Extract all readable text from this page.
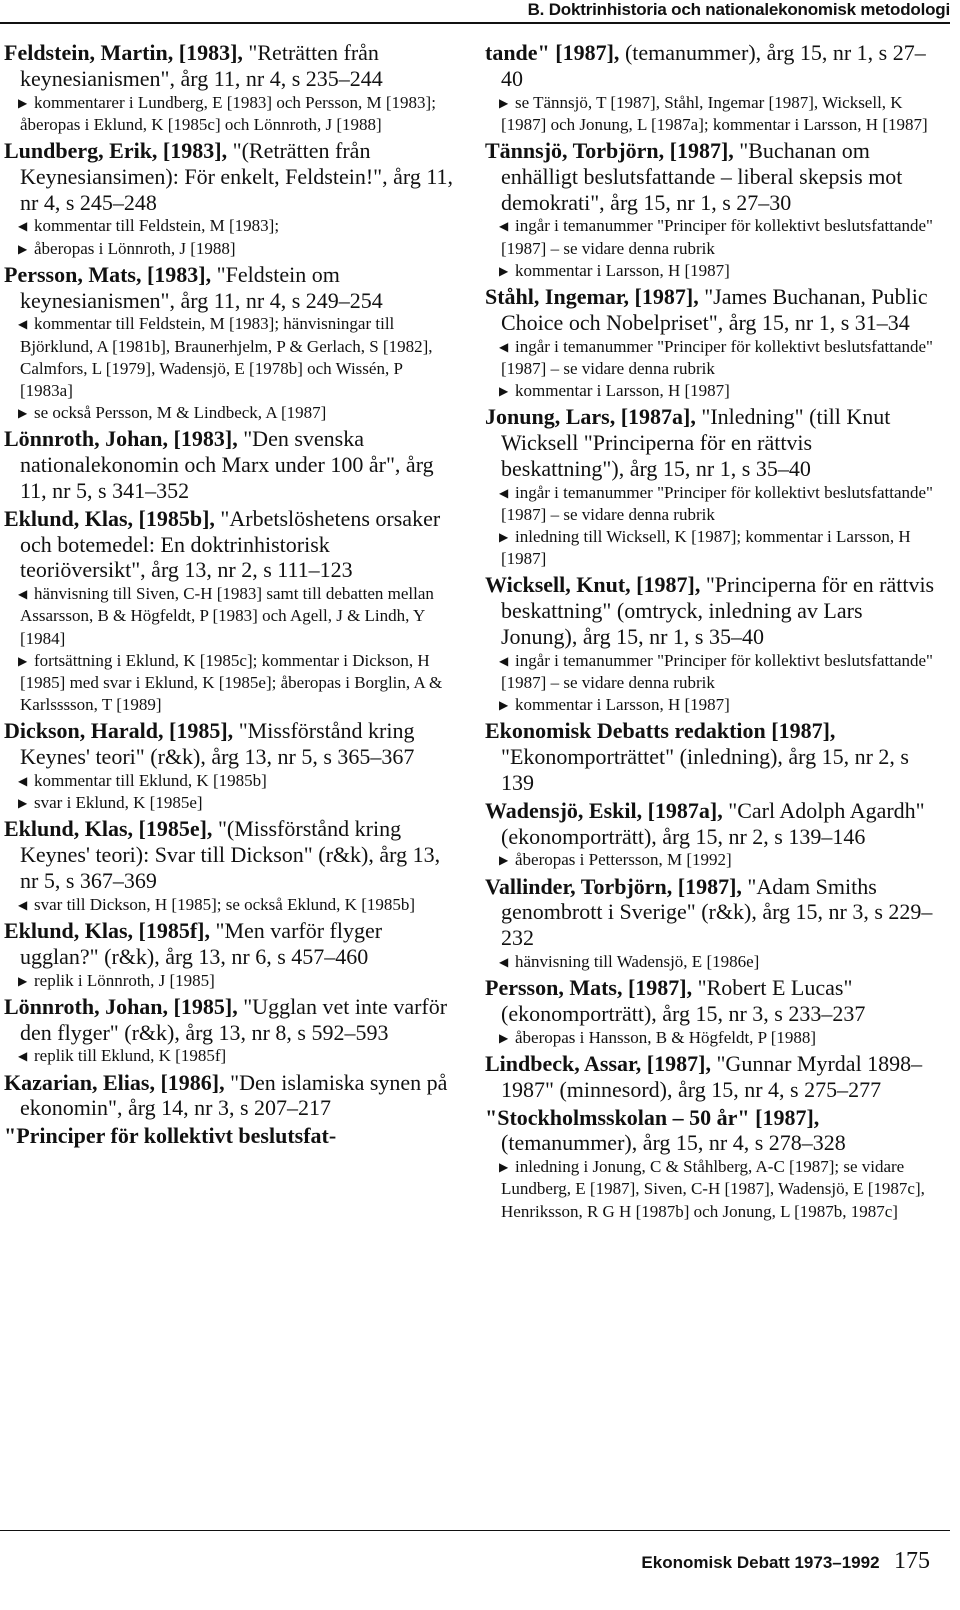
B. Doktrinhistoria och nationalekonomisk metodologi
Feldstein, Martin, [1983], "Reträtten från keynesianismen", årg 11, nr 4, s 235–244
▶ kommentarer i Lundberg, E [1983] och Persson, M [1983]; åberopas i Eklund, K [1985c] och Lönnroth, J [1988]
Lundberg, Erik, [1983], "(Reträtten från Keynesiansimen): För enkelt, Feldstein!", årg 11, nr 4, s 245–248
◀ kommentar till Feldstein, M [1983];
▶ åberopas i Lönnroth, J [1988]
Persson, Mats, [1983], "Feldstein om keynesianismen", årg 11, nr 4, s 249–254
◀ kommentar till Feldstein, M [1983]; hänvisningar till Björklund, A [1981b], Braunerhjelm, P & Gerlach, S [1982], Calmfors, L [1979], Wadensjö, E [1978b] och Wissén, P [1983a]
▶ se också Persson, M & Lindbeck, A [1987]
Lönnroth, Johan, [1983], "Den svenska nationalekonomin och Marx under 100 år", årg 11, nr 5, s 341–352
Eklund, Klas, [1985b], "Arbetslöshetens orsaker och botemedel: En doktrinhistorisk teoriöversikt", årg 13, nr 2, s 111–123
◀ hänvisning till Siven, C-H [1983] samt till debatten mellan Assarsson, B & Högfeldt, P [1983] och Agell, J & Lindh, Y [1984]
▶ fortsättning i Eklund, K [1985c]; kommentar i Dickson, H [1985] med svar i Eklund, K [1985e]; åberopas i Borglin, A & Karlsssson, T [1989]
Dickson, Harald, [1985], "Missförstånd kring Keynes' teori" (r&k), årg 13, nr 5, s 365–367
◀ kommentar till Eklund, K [1985b]
▶ svar i Eklund, K [1985e]
Eklund, Klas, [1985e], "(Missförstånd kring Keynes' teori): Svar till Dickson" (r&k), årg 13, nr 5, s 367–369
◀ svar till Dickson, H [1985]; se också Eklund, K [1985b]
Eklund, Klas, [1985f], "Men varför flyger ugglan?" (r&k), årg 13, nr 6, s 457–460
▶ replik i Lönnroth, J [1985]
Lönnroth, Johan, [1985], "Ugglan vet inte varför den flyger" (r&k), årg 13, nr 8, s 592–593
◀ replik till Eklund, K [1985f]
Kazarian, Elias, [1986], "Den islamiska synen på ekonomin", årg 14, nr 3, s 207–217
"Principer för kollektivt beslutsfat-
tande" [1987], (temanummer), årg 15, nr 1, s 27–40
▶ se Tännsjö, T [1987], Ståhl, Ingemar [1987], Wicksell, K [1987] och Jonung, L [1987a]; kommentar i Larsson, H [1987]
Tännsjö, Torbjörn, [1987], "Buchanan om enhälligt beslutsfattande – liberal skepsis mot demokrati", årg 15, nr 1, s 27–30
◀ ingår i temanummer "Principer för kollektivt beslutsfattande" [1987] – se vidare denna rubrik
▶ kommentar i Larsson, H [1987]
Ståhl, Ingemar, [1987], "James Buchanan, Public Choice och Nobelpriset", årg 15, nr 1, s 31–34
◀ ingår i temanummer "Principer för kollektivt beslutsfattande" [1987] – se vidare denna rubrik
▶ kommentar i Larsson, H [1987]
Jonung, Lars, [1987a], "Inledning" (till Knut Wicksell "Principerna för en rättvis beskattning"), årg 15, nr 1, s 35–40
◀ ingår i temanummer "Principer för kollektivt beslutsfattande" [1987] – se vidare denna rubrik
▶ inledning till Wicksell, K [1987]; kommentar i Larsson, H [1987]
Wicksell, Knut, [1987], "Principerna för en rättvis beskattning" (omtryck, inledning av Lars Jonung), årg 15, nr 1, s 35–40
◀ ingår i temanummer "Principer för kollektivt beslutsfattande" [1987] – se vidare denna rubrik
▶ kommentar i Larsson, H [1987]
Ekonomisk Debatts redaktion [1987], "Ekonomporträttet" (inledning), årg 15, nr 2, s 139
Wadensjö, Eskil, [1987a], "Carl Adolph Agardh" (ekonomporträtt), årg 15, nr 2, s 139–146
▶ åberopas i Pettersson, M [1992]
Vallinder, Torbjörn, [1987], "Adam Smiths genombrott i Sverige" (r&k), årg 15, nr 3, s 229–232
◀ hänvisning till Wadensjö, E [1986e]
Persson, Mats, [1987], "Robert E Lucas" (ekonomporträtt), årg 15, nr 3, s 233–237
▶ åberopas i Hansson, B & Högfeldt, P [1988]
Lindbeck, Assar, [1987], "Gunnar Myrdal 1898–1987" (minnesord), årg 15, nr 4, s 275–277
"Stockholmsskolan – 50 år" [1987], (temanummer), årg 15, nr 4, s 278–328
▶ inledning i Jonung, C & Ståhlberg, A-C [1987]; se vidare Lundberg, E [1987], Siven, C-H [1987], Wadensjö, E [1987c], Henriksson, R G H [1987b] och Jonung, L [1987b, 1987c]
Ekonomisk Debatt 1973–1992 175
